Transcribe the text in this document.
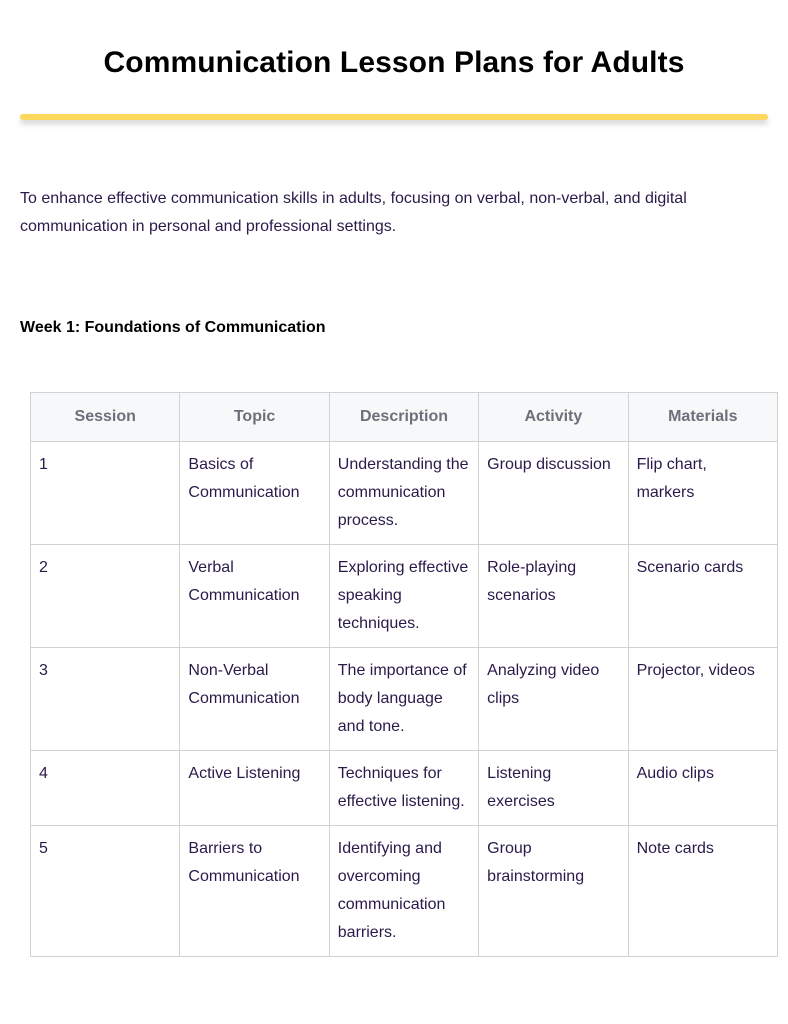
Communication Lesson Plans for Adults

To enhance effective communication skills in adults, focusing on verbal, non-verbal, and digital communication in personal and professional settings.

Week 1: Foundations of Communication
Session	Topic	Description	Activity	Materials
1	Basics of Communication	Understanding the communication process.	Group discussion	Flip chart, markers
2	Verbal Communication	Exploring effective speaking techniques.	Role-playing scenarios	Scenario cards
3	Non-Verbal Communication	The importance of body language and tone.	Analyzing video clips	Projector, videos
4	Active Listening	Techniques for effective listening.	Listening exercises	Audio clips
5	Barriers to Communication	Identifying and overcoming communication barriers.	Group brainstorming	Note cards
